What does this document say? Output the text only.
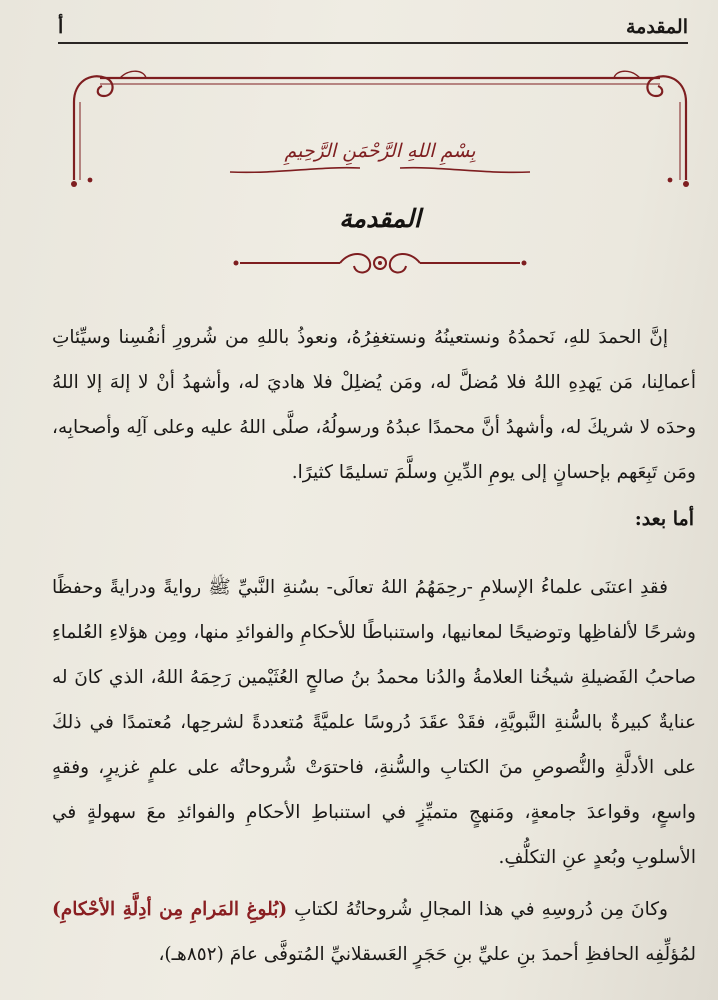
المقدمة
أ
بِسْمِ اللهِ الرَّحْمَنِ الرَّحِيمِ
المقدمة

إنَّ الحمدَ للهِ، نَحمدُهُ ونستعينُهُ ونستغفِرُهُ، ونعوذُ باللهِ من شُرورِ أنفُسِنا وسيِّئاتِ أعمالِنا، مَن يَهدِهِ اللهُ فلا مُضلَّ له، ومَن يُضلِلْ فلا هاديَ له، وأشهدُ أنْ لا إلهَ إلا اللهُ وحدَه لا شريكَ له، وأشهدُ أنَّ محمدًا عبدُهُ ورسولُهُ، صلَّى اللهُ عليه وعلى آلِه وأصحابِه، ومَن تَبِعَهم بإحسانٍ إلى يومِ الدِّينِ وسلَّمَ تسليمًا كثيرًا.

أما بعد:

فقدِ اعتنَى علماءُ الإسلامِ -رحِمَهُمُ اللهُ تعالَى- بسُنةِ النَّبيِّ ﷺ روايةً ودرايةً وحفظًا وشرحًا لألفاظِها وتوضيحًا لمعانيها، واستنباطًا للأحكامِ والفوائدِ منها، ومِن هؤلاءِ العُلماءِ صاحبُ الفَضيلةِ شيخُنا العلامةُ والدُنا محمدُ بنُ صالحٍ العُثَيْمين رَحِمَهُ اللهُ، الذي كانَ له عنايةٌ كبيرةٌ بالسُّنةِ النَّبويَّةِ، فقَدْ عقَدَ دُروسًا علميَّةً مُتعددةً لشرحِها، مُعتمدًا في ذلكَ على الأدلَّةِ والنُّصوصِ منَ الكتابِ والسُّنةِ، فاحتوَتْ شُروحاتُه على علمٍ غزيرٍ، وفقهٍ واسعٍ، وقواعدَ جامعةٍ، ومَنهجٍ متميِّزٍ في استنباطِ الأحكامِ والفوائدِ معَ سهولةٍ في الأسلوبِ وبُعدٍ عنِ التكلُّفِ.

وكانَ مِن دُروسِهِ في هذا المجالِ شُروحاتُهُ لكتابِ (بُلوغِ المَرامِ مِن أدِلَّةِ الأحْكامِ) لمُؤلِّفِه الحافظِ أحمدَ بنِ عليِّ بنِ حَجَرٍ العَسقلانيِّ المُتوفَّى عامَ (٨٥٢هـ)،
